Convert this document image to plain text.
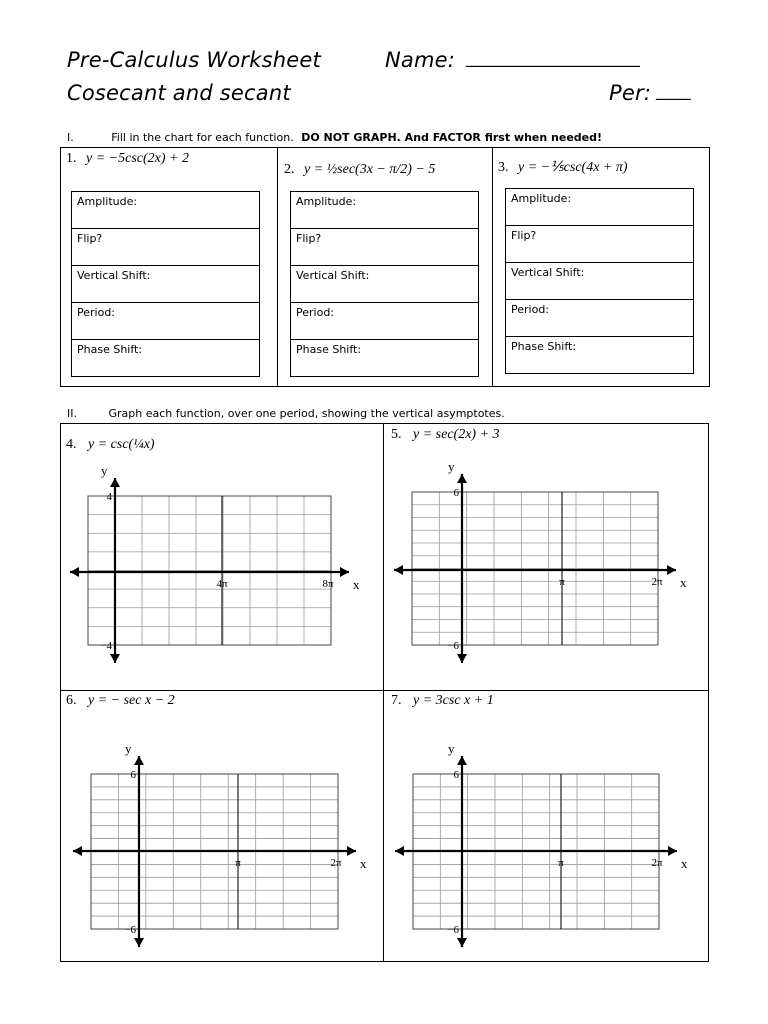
Pre-Calculus Worksheet
Cosecant and secant
Name: ____________________
Per: ____
I.	Fill in the chart for each function. DO NOT GRAPH. And FACTOR first when needed!
1. y = −5csc(2x) + 2
Amplitude:
Flip?
Vertical Shift:
Period:
Phase Shift:
2. y = ½sec(3x − π/2) − 5
Amplitude:
Flip?
Vertical Shift:
Period:
Phase Shift:
3. y = −⅕csc(4x + π)
Amplitude:
Flip?
Vertical Shift:
Period:
Phase Shift:
II.	Graph each function, over one period, showing the vertical asymptotes.
4. y = csc(¼x)
5. y = sec(2x) + 3
6. y = − sec x − 2	7. y = 3csc x + 1
y
x
4
−4
4π	8π
y
x
6
−6
π	2π
y
x
6
−6
π	2π
y
x
6
−6
π	2π
